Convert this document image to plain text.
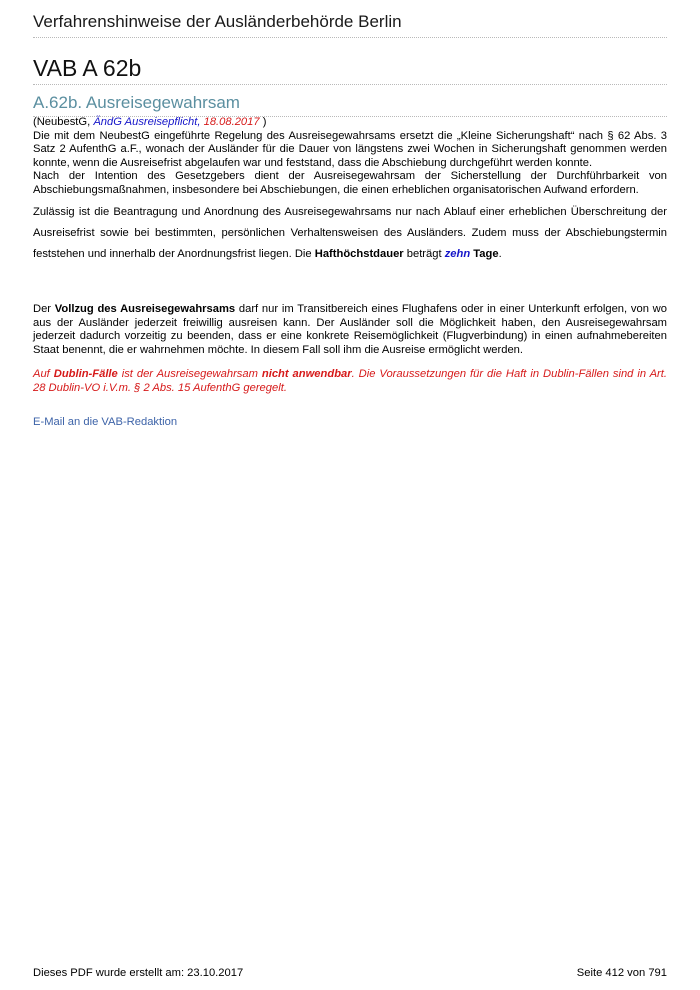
Verfahrenshinweise der Ausländerbehörde Berlin
VAB A 62b
A.62b. Ausreisegewahrsam

(NeubestG, ÄndG Ausreisepflicht, 18.08.2017 )

Die mit dem NeubestG eingeführte Regelung des Ausreisegewahrsams ersetzt die „Kleine Sicherungshaft“ nach § 62 Abs. 3 Satz 2 AufenthG a.F., wonach der Ausländer für die Dauer von längstens zwei Wochen in Sicherungshaft genommen werden konnte, wenn die Ausreisefrist abgelaufen war und feststand, dass die Abschiebung durchgeführt werden konnte.

Nach der Intention des Gesetzgebers dient der Ausreisegewahrsam der Sicherstellung der Durchführbarkeit von Abschiebungsmaßnahmen, insbesondere bei Abschiebungen, die einen erheblichen organisatorischen Aufwand erfordern.

Zulässig ist die Beantragung und Anordnung des Ausreisegewahrsams nur nach Ablauf einer erheblichen Überschreitung der Ausreisefrist sowie bei bestimmten, persönlichen Verhaltensweisen des Ausländers. Zudem muss der Abschiebungstermin feststehen und innerhalb der Anordnungsfrist liegen. Die Hafthöchstdauer beträgt zehn Tage.

Der Vollzug des Ausreisegewahrsams darf nur im Transitbereich eines Flughafens oder in einer Unterkunft erfolgen, von wo aus der Ausländer jederzeit freiwillig ausreisen kann. Der Ausländer soll die Möglichkeit haben, den Ausreisegewahrsam jederzeit dadurch vorzeitig zu beenden, dass er eine konkrete Reisemöglichkeit (Flugverbindung) in einen aufnahmebereiten Staat benennt, die er wahrnehmen möchte. In diesem Fall soll ihm die Ausreise ermöglicht werden.

Auf Dublin-Fälle ist der Ausreisegewahrsam nicht anwendbar. Die Voraussetzungen für die Haft in Dublin-Fällen sind in Art. 28 Dublin-VO i.V.m. § 2 Abs. 15 AufenthG geregelt.

E-Mail an die VAB-Redaktion
Dieses PDF wurde erstellt am: 23.10.2017	Seite 412 von 791
